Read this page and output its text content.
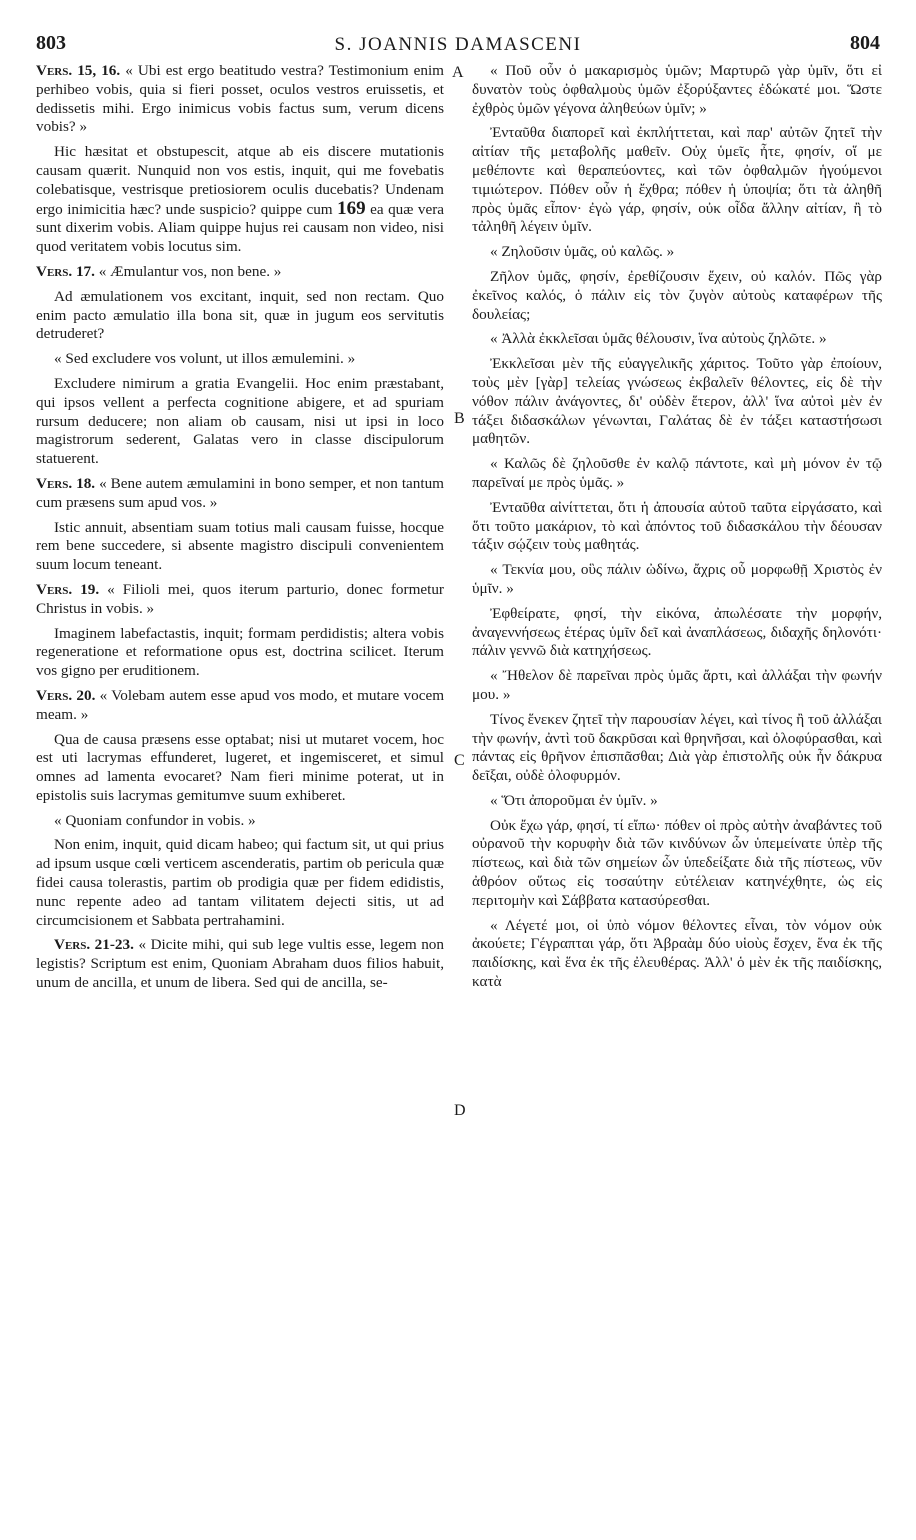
803	S. JOANNIS DAMASCENI	804
A
B
C
D

Vers. 15, 16. « Ubi est ergo beatitudo vestra? Testimonium enim perhibeo vobis, quia si fieri posset, oculos vestros eruissetis, et dedissetis mihi. Ergo inimicus vobis factus sum, verum dicens vobis? »

Hic hæsitat et obstupescit, atque ab eis discere mutationis causam quærit. Nunquid non vos estis, inquit, qui me fovebatis colebatisque, vestrisque pretiosiorem oculis ducebatis? Undenam ergo inimicitia hæc? unde suspicio? quippe cum 169 ea quæ vera sunt dixerim vobis. Aliam quippe hujus rei causam non video, nisi quod veritatem vobis locutus sim.

Vers. 17. « Æmulantur vos, non bene. »

Ad æmulationem vos excitant, inquit, sed non rectam. Quo enim pacto æmulatio illa bona sit, quæ in jugum eos servitutis detruderet?

« Sed excludere vos volunt, ut illos æmulemini. »

Excludere nimirum a gratia Evangelii. Hoc enim præstabant, qui ipsos vellent a perfecta cognitione abigere, et ad spuriam rursum deducere; non aliam ob causam, nisi ut ipsi in loco magistrorum sederent, Galatas vero in classe discipulorum statuerent.

Vers. 18. « Bene autem æmulamini in bono semper, et non tantum cum præsens sum apud vos. »

Istic annuit, absentiam suam totius mali causam fuisse, hocque rem bene succedere, si absente magistro discipuli convenientem suum locum teneant.

Vers. 19. « Filioli mei, quos iterum parturio, donec formetur Christus in vobis. »

Imaginem labefactastis, inquit; formam perdidistis; altera vobis regeneratione et reformatione opus est, doctrina scilicet. Iterum vos gigno per eruditionem.

Vers. 20. « Volebam autem esse apud vos modo, et mutare vocem meam. »

Qua de causa præsens esse optabat; nisi ut mutaret vocem, hoc est uti lacrymas effunderet, lugeret, et ingemisceret, et simul omnes ad lamenta evocaret? Nam fieri minime poterat, ut in epistolis suis lacrymas gemitumve suum exhiberet.

« Quoniam confundor in vobis. »

Non enim, inquit, quid dicam habeo; qui factum sit, ut qui prius ad ipsum usque cœli verticem ascenderatis, partim ob pericula quæ fidei causa tolerastis, partim ob prodigia quæ per fidem edidistis, nunc repente adeo ad tantam vilitatem dejecti sitis, ut ad circumcisionem et Sabbata pertrahamini.

Vers. 21-23. « Dicite mihi, qui sub lege vultis esse, legem non legistis? Scriptum est enim, Quoniam Abraham duos filios habuit, unum de ancilla, et unum de libera. Sed qui de ancilla, se-

« Ποῦ οὖν ὁ μακαρισμὸς ὑμῶν; Μαρτυρῶ γὰρ ὑμῖν, ὅτι εἰ δυνατὸν τοὺς ὀφθαλμοὺς ὑμῶν ἐξορύξαντες ἐδώκατέ μοι. Ὥστε ἐχθρὸς ὑμῶν γέγονα ἀληθεύων ὑμῖν; »

Ἐνταῦθα διαπορεῖ καὶ ἐκπλήττεται, καὶ παρ' αὐτῶν ζητεῖ τὴν αἰτίαν τῆς μεταβολῆς μαθεῖν. Οὐχ ὑμεῖς ἦτε, φησίν, οἵ με μεθέποντε καὶ θεραπεύοντες, καὶ τῶν ὀφθαλμῶν ἡγούμενοι τιμιώτερον. Πόθεν οὖν ἡ ἔχθρα; πόθεν ἡ ὑποψία; ὅτι τὰ ἀληθῆ πρὸς ὑμᾶς εἶπον· ἐγὼ γάρ, φησίν, οὐκ οἶδα ἄλλην αἰτίαν, ἢ τὸ τἀληθῆ λέγειν ὑμῖν.

« Ζηλοῦσιν ὑμᾶς, οὐ καλῶς. »

Ζῆλον ὑμᾶς, φησίν, ἐρεθίζουσιν ἔχειν, οὐ καλόν. Πῶς γὰρ ἐκεῖνος καλός, ὁ πάλιν εἰς τὸν ζυγὸν αὐτοὺς καταφέρων τῆς δουλείας;

« Ἀλλὰ ἐκκλεῖσαι ὑμᾶς θέλουσιν, ἵνα αὐτοὺς ζηλῶτε. »

Ἐκκλεῖσαι μὲν τῆς εὐαγγελικῆς χάριτος. Τοῦτο γὰρ ἐποίουν, τοὺς μὲν [γὰρ] τελείας γνώσεως ἐκβαλεῖν θέλοντες, εἰς δὲ τὴν νόθον πάλιν ἀνάγοντες, δι' οὐδὲν ἕτερον, ἀλλ' ἵνα αὐτοὶ μὲν ἐν τάξει διδασκάλων γένωνται, Γαλάτας δὲ ἐν τάξει καταστήσωσι μαθητῶν.

« Καλῶς δὲ ζηλοῦσθε ἐν καλῷ πάντοτε, καὶ μὴ μόνον ἐν τῷ παρεῖναί με πρὸς ὑμᾶς. »

Ἐνταῦθα αἰνίττεται, ὅτι ἡ ἀπουσία αὐτοῦ ταῦτα εἰργάσατο, καὶ ὅτι τοῦτο μακάριον, τὸ καὶ ἀπόντος τοῦ διδασκάλου τὴν δέουσαν τάξιν σῴζειν τοὺς μαθητάς.

« Τεκνία μου, οὓς πάλιν ὠδίνω, ἄχρις οὗ μορφωθῇ Χριστὸς ἐν ὑμῖν. »

Ἐφθείρατε, φησί, τὴν εἰκόνα, ἀπωλέσατε τὴν μορφήν, ἀναγεννήσεως ἑτέρας ὑμῖν δεῖ καὶ ἀναπλάσεως, διδαχῆς δηλονότι· πάλιν γεννῶ διὰ κατηχήσεως.

« Ἤθελον δὲ παρεῖναι πρὸς ὑμᾶς ἄρτι, καὶ ἀλλάξαι τὴν φωνήν μου. »

Τίνος ἕνεκεν ζητεῖ τὴν παρουσίαν λέγει, καὶ τίνος ἢ τοῦ ἀλλάξαι τὴν φωνήν, ἀντὶ τοῦ δακρῦσαι καὶ θρηνῆσαι, καὶ ὀλοφύρασθαι, καὶ πάντας εἰς θρῆνον ἐπισπᾶσθαι; Διὰ γὰρ ἐπιστολῆς οὐκ ἦν δάκρυα δεῖξαι, οὐδὲ ὀλοφυρμόν.

« Ὅτι ἀποροῦμαι ἐν ὑμῖν. »

Οὐκ ἔχω γάρ, φησί, τί εἴπω· πόθεν οἱ πρὸς αὐτὴν ἀναβάντες τοῦ οὐρανοῦ τὴν κορυφὴν διὰ τῶν κινδύνων ὧν ὑπεμείνατε ὑπὲρ τῆς πίστεως, καὶ διὰ τῶν σημείων ὧν ὑπεδείξατε διὰ τῆς πίστεως, νῦν ἀθρόον οὕτως εἰς τοσαύτην εὐτέλειαν κατηνέχθητε, ὡς εἰς περιτομὴν καὶ Σάββατα κατασύρεσθαι.

« Λέγετέ μοι, οἱ ὑπὸ νόμον θέλοντες εἶναι, τὸν νόμον οὐκ ἀκούετε; Γέγραπται γάρ, ὅτι Ἀβραὰμ δύο υἱοὺς ἔσχεν, ἕνα ἐκ τῆς παιδίσκης, καὶ ἕνα ἐκ τῆς ἐλευθέρας. Ἀλλ' ὁ μὲν ἐκ τῆς παιδίσκης, κατὰ
